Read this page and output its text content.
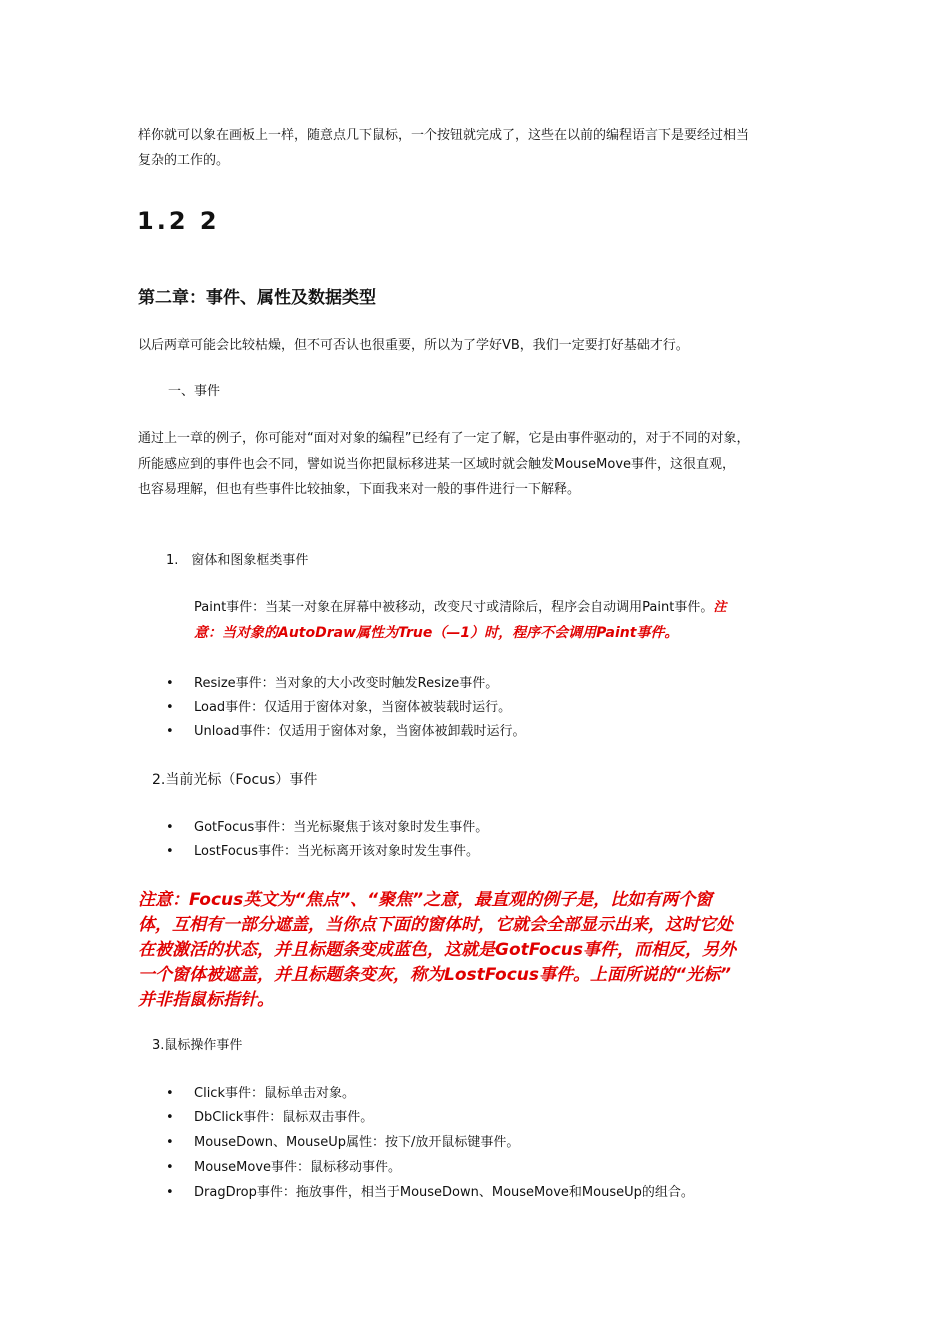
样你就可以象在画板上一样，随意点几下鼠标，一个按钮就完成了，这些在以前的编程语言下是要经过相当
复杂的工作的。
1.2 2
第二章：事件、属性及数据类型
以后两章可能会比较枯燥，但不可否认也很重要，所以为了学好VB，我们一定要打好基础才行。
一、事件
通过上一章的例子，你可能对“面对对象的编程”已经有了一定了解，它是由事件驱动的，对于不同的对象，
所能感应到的事件也会不同，譬如说当你把鼠标移进某一区域时就会触发MouseMove事件，这很直观，
也容易理解，但也有些事件比较抽象，下面我来对一般的事件进行一下解释。
1.　窗体和图象框类事件
Paint事件：当某一对象在屏幕中被移动，改变尺寸或清除后，程序会自动调用Paint事件。注
意：当对象的AutoDraw属性为True（—1）时，程序不会调用Paint事件。
• Resize事件：当对象的大小改变时触发Resize事件。
• Load事件：仅适用于窗体对象，当窗体被装载时运行。
• Unload事件：仅适用于窗体对象，当窗体被卸载时运行。
2.当前光标（Focus）事件
• GotFocus事件：当光标聚焦于该对象时发生事件。
• LostFocus事件：当光标离开该对象时发生事件。
注意：Focus英文为“焦点”、“聚焦”之意，最直观的例子是，比如有两个窗
体，互相有一部分遮盖，当你点下面的窗体时，它就会全部显示出来，这时它处
在被激活的状态，并且标题条变成蓝色，这就是GotFocus事件，而相反，另外
一个窗体被遮盖，并且标题条变灰，称为LostFocus事件。上面所说的“光标”
并非指鼠标指针。
3.鼠标操作事件
• Click事件：鼠标单击对象。
• DbClick事件：鼠标双击事件。
• MouseDown、MouseUp属性：按下/放开鼠标键事件。
• MouseMove事件：鼠标移动事件。
• DragDrop事件：拖放事件，相当于MouseDown、MouseMove和MouseUp的组合。
